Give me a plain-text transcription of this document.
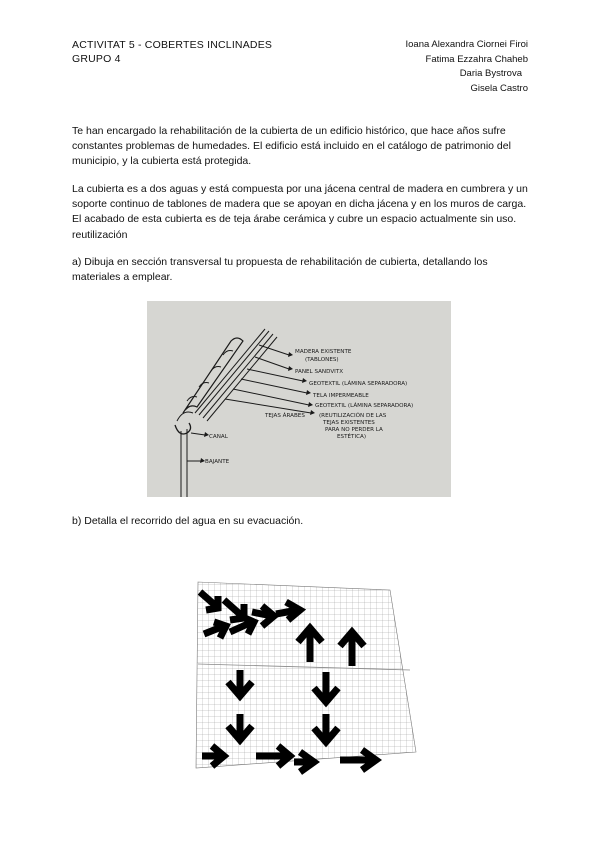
ACTIVITAT 5 - COBERTES INCLINADES
GRUPO 4
Ioana Alexandra Ciornei Firoi
Fatima Ezzahra Chaheb
Daria Bystrova
Gisela Castro
Te han encargado la rehabilitación de la cubierta de un edificio histórico, que hace años sufre constantes problemas de humedades. El edificio está incluido en el catálogo de patrimonio del municipio, y la cubierta está protegida.
La cubierta es a dos aguas y está compuesta por una jácena central de madera en cumbrera y un soporte continuo de tablones de madera que se apoyan en dicha jácena y en los muros de carga. El acabado de esta cubierta es de teja árabe cerámica y cubre un espacio actualmente sin uso. reutilización
a) Dibuja en sección transversal tu propuesta de rehabilitación de cubierta, detallando los materiales a emplear.
MADERA EXISTENTE
(TABLONES)
PANEL SANDVITX
GEOTEXTIL (LÁMINA SEPARADORA)
TELA IMPERMEABLE
GEOTEXTIL (LÁMINA SEPARADORA)
TEJAS ÁRABES	(REUTILIZACIÓN DE LAS
TEJAS EXISTENTES
PARA NO PERDER LA
ESTÉTICA)
CANAL
BAJANTE
b) Detalla el recorrido del agua en su evacuación.
